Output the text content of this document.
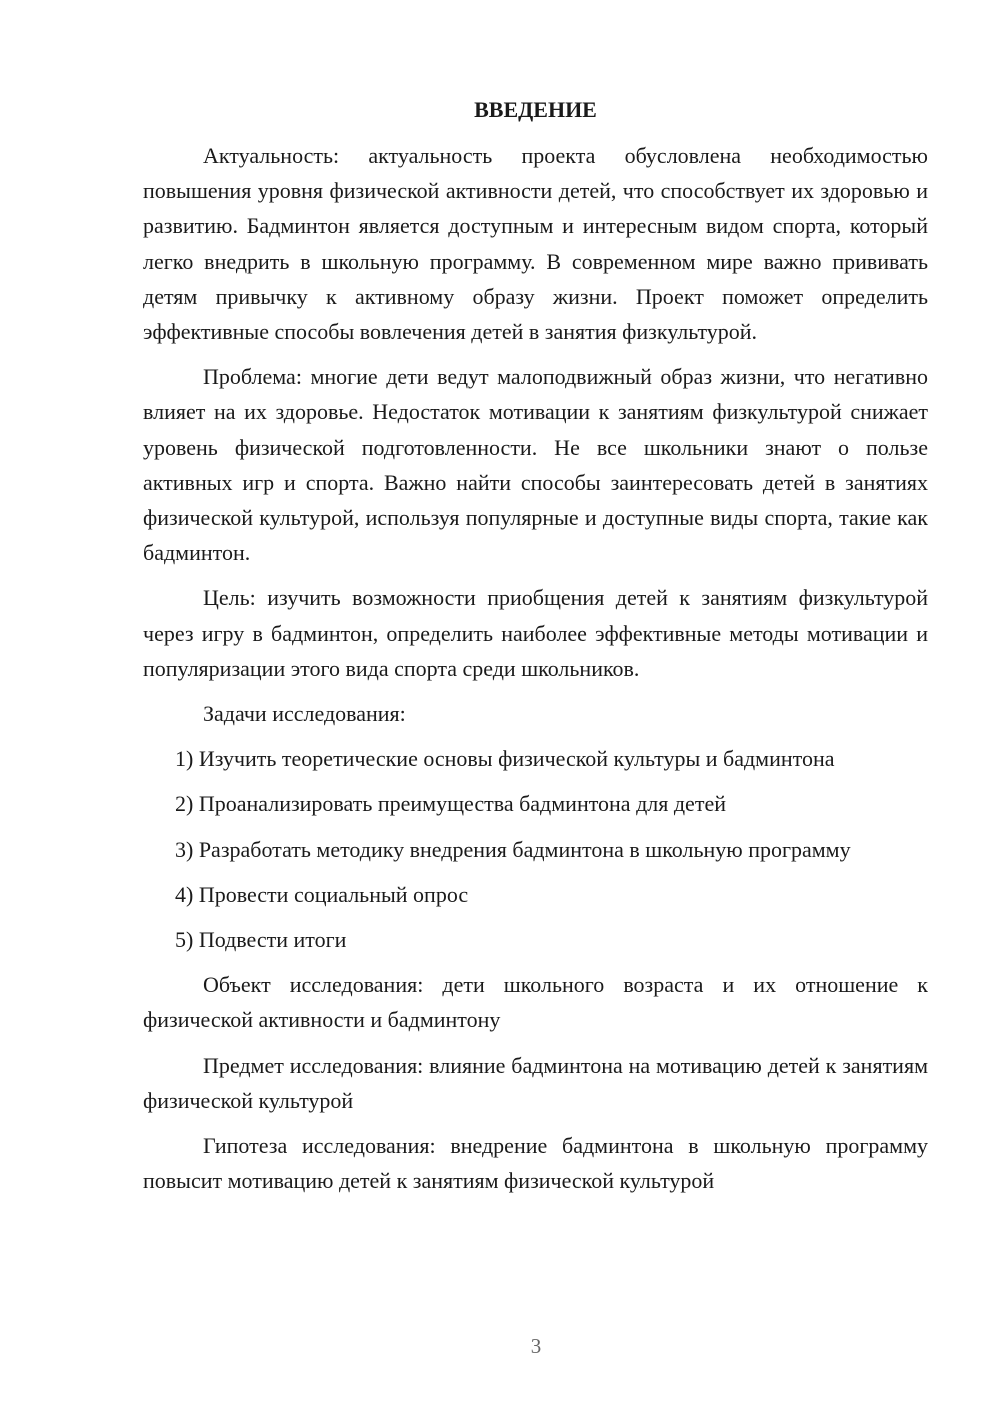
ВВЕДЕНИЕ

Актуальность: актуальность проекта обусловлена необходимостью повышения уровня физической активности детей, что способствует их здоровью и развитию. Бадминтон является доступным и интересным видом спорта, который легко внедрить в школьную программу. В современном мире важно прививать детям привычку к активному образу жизни. Проект поможет определить эффективные способы вовлечения детей в занятия физкультурой.

Проблема: многие дети ведут малоподвижный образ жизни, что негативно влияет на их здоровье. Недостаток мотивации к занятиям физкультурой снижает уровень физической подготовленности. Не все школьники знают о пользе активных игр и спорта. Важно найти способы заинтересовать детей в занятиях физической культурой, используя популярные и доступные виды спорта, такие как бадминтон.

Цель: изучить возможности приобщения детей к занятиям физкультурой через игру в бадминтон, определить наиболее эффективные методы мотивации и популяризации этого вида спорта среди школьников.

Задачи исследования:

1) Изучить теоретические основы физической культуры и бадминтона

2) Проанализировать преимущества бадминтона для детей

3) Разработать методику внедрения бадминтона в школьную программу

4) Провести социальный опрос

5) Подвести итоги

Объект исследования: дети школьного возраста и их отношение к физической активности и бадминтону

Предмет исследования: влияние бадминтона на мотивацию детей к занятиям физической культурой

Гипотеза исследования: внедрение бадминтона в школьную программу повысит мотивацию детей к занятиям физической культурой

3
